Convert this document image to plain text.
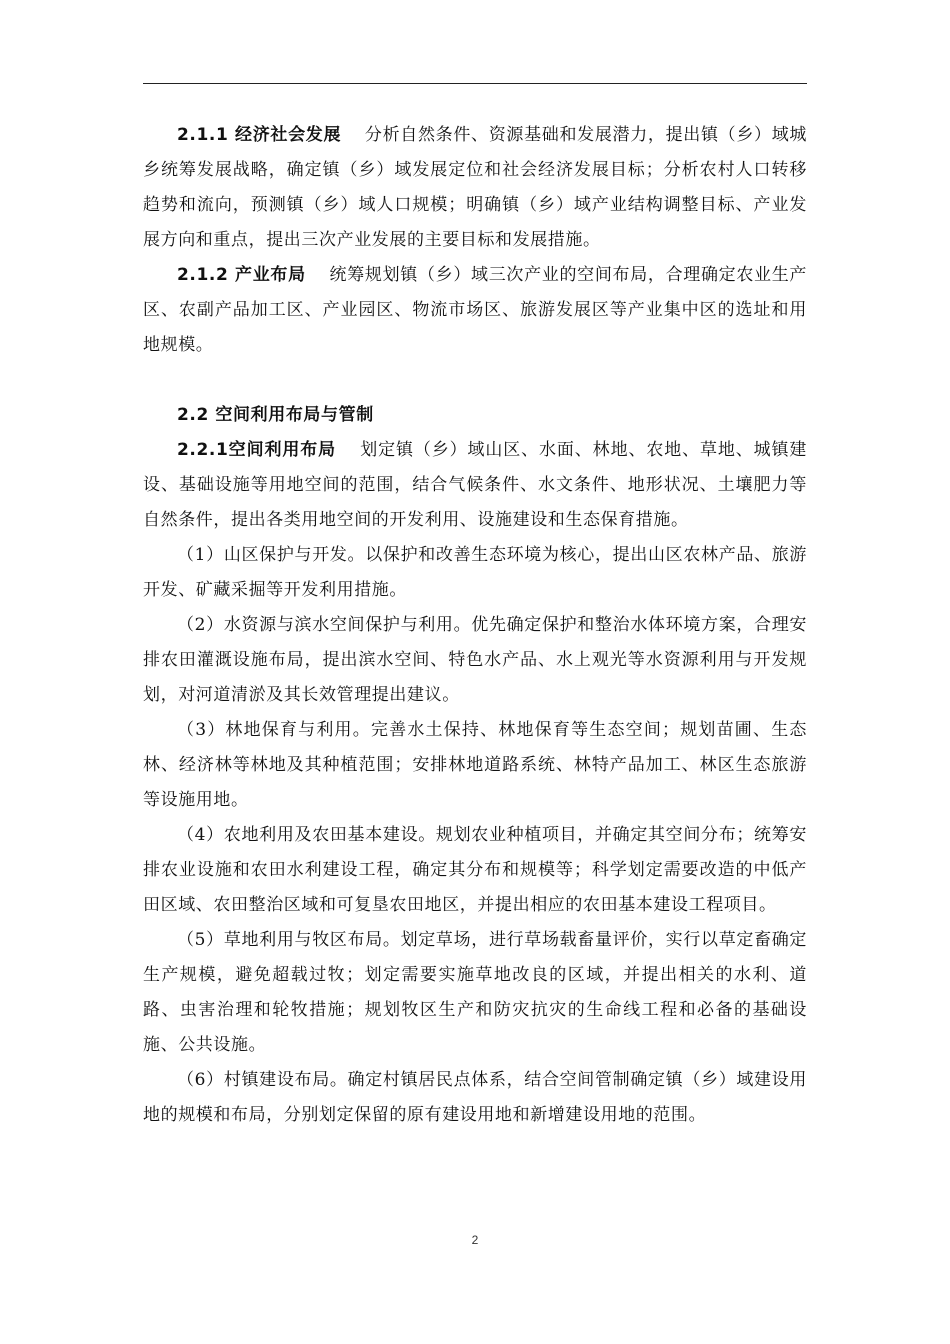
2.1.1 经济社会发展　 分析自然条件、资源基础和发展潜力，提出镇（乡）域城乡统筹发展战略，确定镇（乡）域发展定位和社会经济发展目标；分析农村人口转移趋势和流向，预测镇（乡）域人口规模；明确镇（乡）域产业结构调整目标、产业发展方向和重点，提出三次产业发展的主要目标和发展措施。

2.1.2 产业布局　 统筹规划镇（乡）域三次产业的空间布局，合理确定农业生产区、农副产品加工区、产业园区、物流市场区、旅游发展区等产业集中区的选址和用地规模。

2.2 空间利用布局与管制

2.2.1空间利用布局　 划定镇（乡）域山区、水面、林地、农地、草地、城镇建设、基础设施等用地空间的范围，结合气候条件、水文条件、地形状况、土壤肥力等自然条件，提出各类用地空间的开发利用、设施建设和生态保育措施。

（1）山区保护与开发。以保护和改善生态环境为核心，提出山区农林产品、旅游开发、矿藏采掘等开发利用措施。

（2）水资源与滨水空间保护与利用。优先确定保护和整治水体环境方案，合理安排农田灌溉设施布局，提出滨水空间、特色水产品、水上观光等水资源利用与开发规划，对河道清淤及其长效管理提出建议。

（3）林地保育与利用。完善水土保持、林地保育等生态空间；规划苗圃、生态林、经济林等林地及其种植范围；安排林地道路系统、林特产品加工、林区生态旅游等设施用地。

（4）农地利用及农田基本建设。规划农业种植项目，并确定其空间分布；统筹安排农业设施和农田水利建设工程，确定其分布和规模等；科学划定需要改造的中低产田区域、农田整治区域和可复垦农田地区，并提出相应的农田基本建设工程项目。

（5）草地利用与牧区布局。划定草场，进行草场载畜量评价，实行以草定畜确定生产规模，避免超载过牧；划定需要实施草地改良的区域，并提出相关的水利、道路、虫害治理和轮牧措施；规划牧区生产和防灾抗灾的生命线工程和必备的基础设施、公共设施。

（6）村镇建设布局。确定村镇居民点体系，结合空间管制确定镇（乡）域建设用地的规模和布局，分别划定保留的原有建设用地和新增建设用地的范围。

2
